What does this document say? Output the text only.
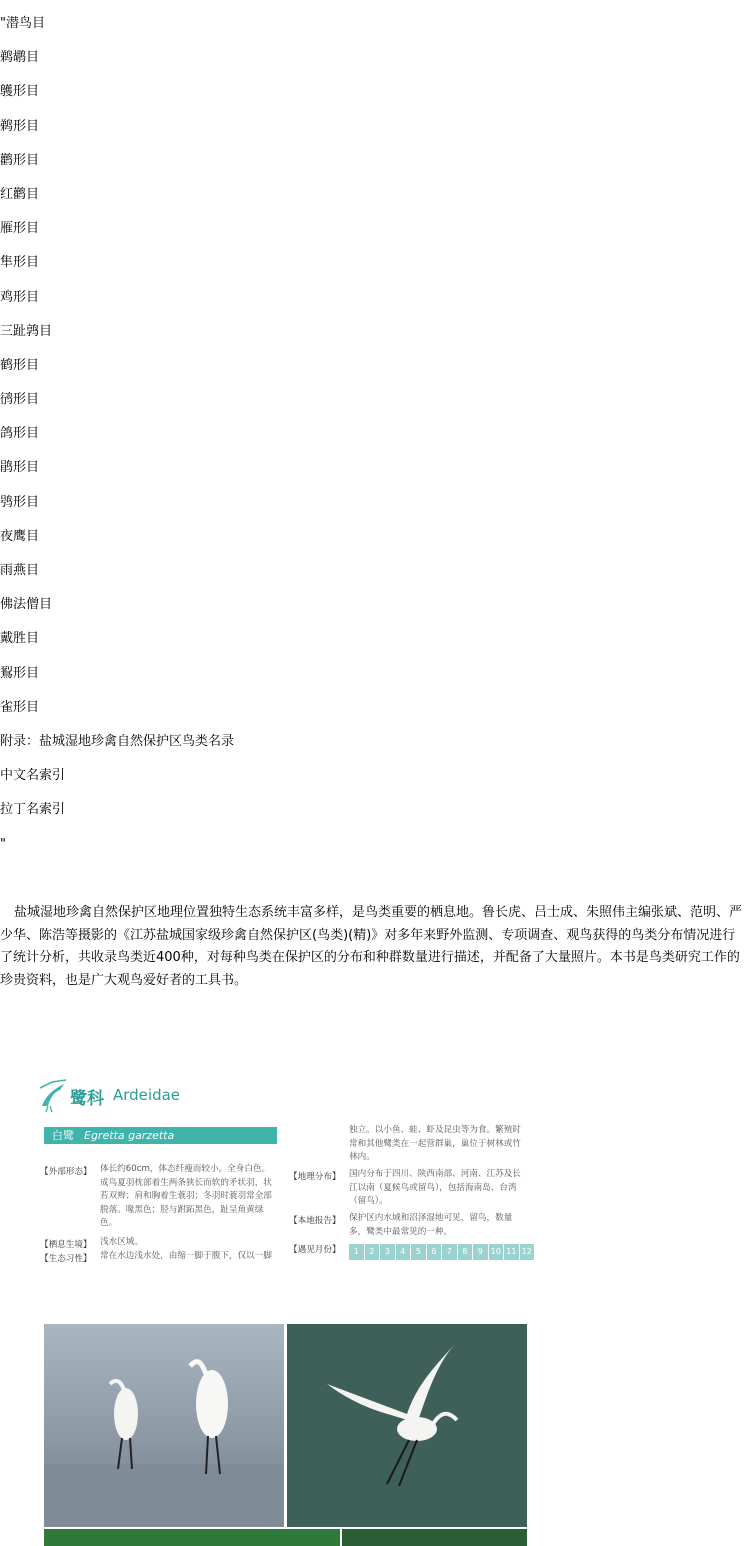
"潜鸟目
鹈鹕目
鹱形目
鹈形目
鹳形目
红鹳目
雁形目
隼形目
鸡形目
三趾鹑目
鹤形目
鸻形目
鸽形目
鹃形目
鸮形目
夜鹰目
雨燕目
佛法僧目
戴胜目
鴷形目
雀形目
附录：盐城湿地珍禽自然保护区鸟类名录
中文名索引
拉丁名索引
"

盐城湿地珍禽自然保护区地理位置独特生态系统丰富多样，是鸟类重要的栖息地。鲁长虎、吕士成、朱照伟主编张斌、范明、严少华、陈浩等摄影的《江苏盐城国家级珍禽自然保护区(鸟类)(精)》对多年来野外监测、专项调查、观鸟获得的鸟类分布情况进行了统计分析，共收录鸟类近400种，对每种鸟类在保护区的分布和种群数量进行描述，并配备了大量照片。本书是鸟类研究工作的珍贵资料，也是广大观鸟爱好者的工具书。

鹭科 Ardeidae
白鹭 Egretta garzetta
【外部形态】 体长约60cm，体态纤瘦而较小。全身白色。成鸟夏羽枕部着生两条狭长而软的矛状羽，状若双辫；肩和胸着生蓑羽；冬羽时蓑羽常全部脱落。喙黑色；胫与跗跖黑色，趾呈角黄绿色。
【栖息生境】 浅水区域。
【生态习性】 常在水边浅水处，由缩一脚于腹下，仅以一脚
独立。以小鱼、蛙、虾及昆虫等为食。繁殖时常和其他鹭类在一起营群巢，巢位于树林或竹林内。
【地理分布】 国内分布于四川、陕西南部、河南、江苏及长江以南（夏候鸟或留鸟），包括海南岛、台湾（留鸟）。
【本地报告】 保护区内水域和沼泽湿地可见，留鸟，数量多，鹭类中最常见的一种。
【遇见月份】	1	2	3	4	5	6	7	8	9 10 11 12
